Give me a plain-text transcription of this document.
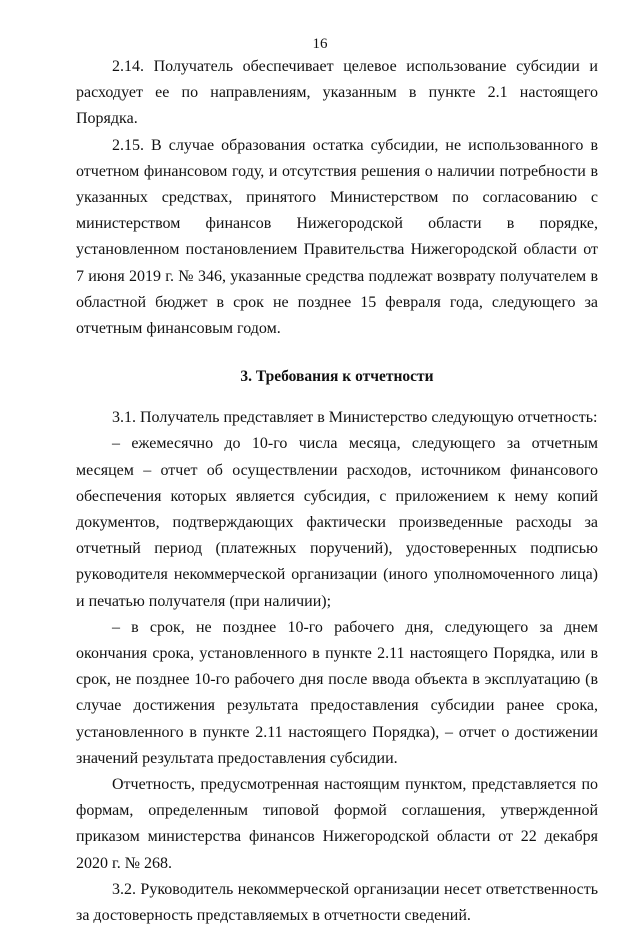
16

2.14. Получатель обеспечивает целевое использование субсидии и расходует ее по направлениям, указанным в пункте 2.1 настоящего Порядка.

2.15. В случае образования остатка субсидии, не использованного в отчетном финансовом году, и отсутствия решения о наличии потребности в указанных средствах, принятого Министерством по согласованию с министерством финансов Нижегородской области в порядке, установленном постановлением Правительства Нижегородской области от 7 июня 2019 г. № 346, указанные средства подлежат возврату получателем в областной бюджет в срок не позднее 15 февраля года, следующего за отчетным финансовым годом.

3. Требования к отчетности

3.1. Получатель представляет в Министерство следующую отчетность:

– ежемесячно до 10-го числа месяца, следующего за отчетным месяцем – отчет об осуществлении расходов, источником финансового обеспечения которых является субсидия, с приложением к нему копий документов, подтверждающих фактически произведенные расходы за отчетный период (платежных поручений), удостоверенных подписью руководителя некоммерческой организации (иного уполномоченного лица) и печатью получателя (при наличии);

– в срок, не позднее 10-го рабочего дня, следующего за днем окончания срока, установленного в пункте 2.11 настоящего Порядка, или в срок, не позднее 10-го рабочего дня после ввода объекта в эксплуатацию (в случае достижения результата предоставления субсидии ранее срока, установленного в пункте 2.11 настоящего Порядка), – отчет о достижении значений результата предоставления субсидии.

Отчетность, предусмотренная настоящим пунктом, представляется по формам, определенным типовой формой соглашения, утвержденной приказом министерства финансов Нижегородской области от 22 декабря 2020 г. № 268.

3.2. Руководитель некоммерческой организации несет ответственность за достоверность представляемых в отчетности сведений.
